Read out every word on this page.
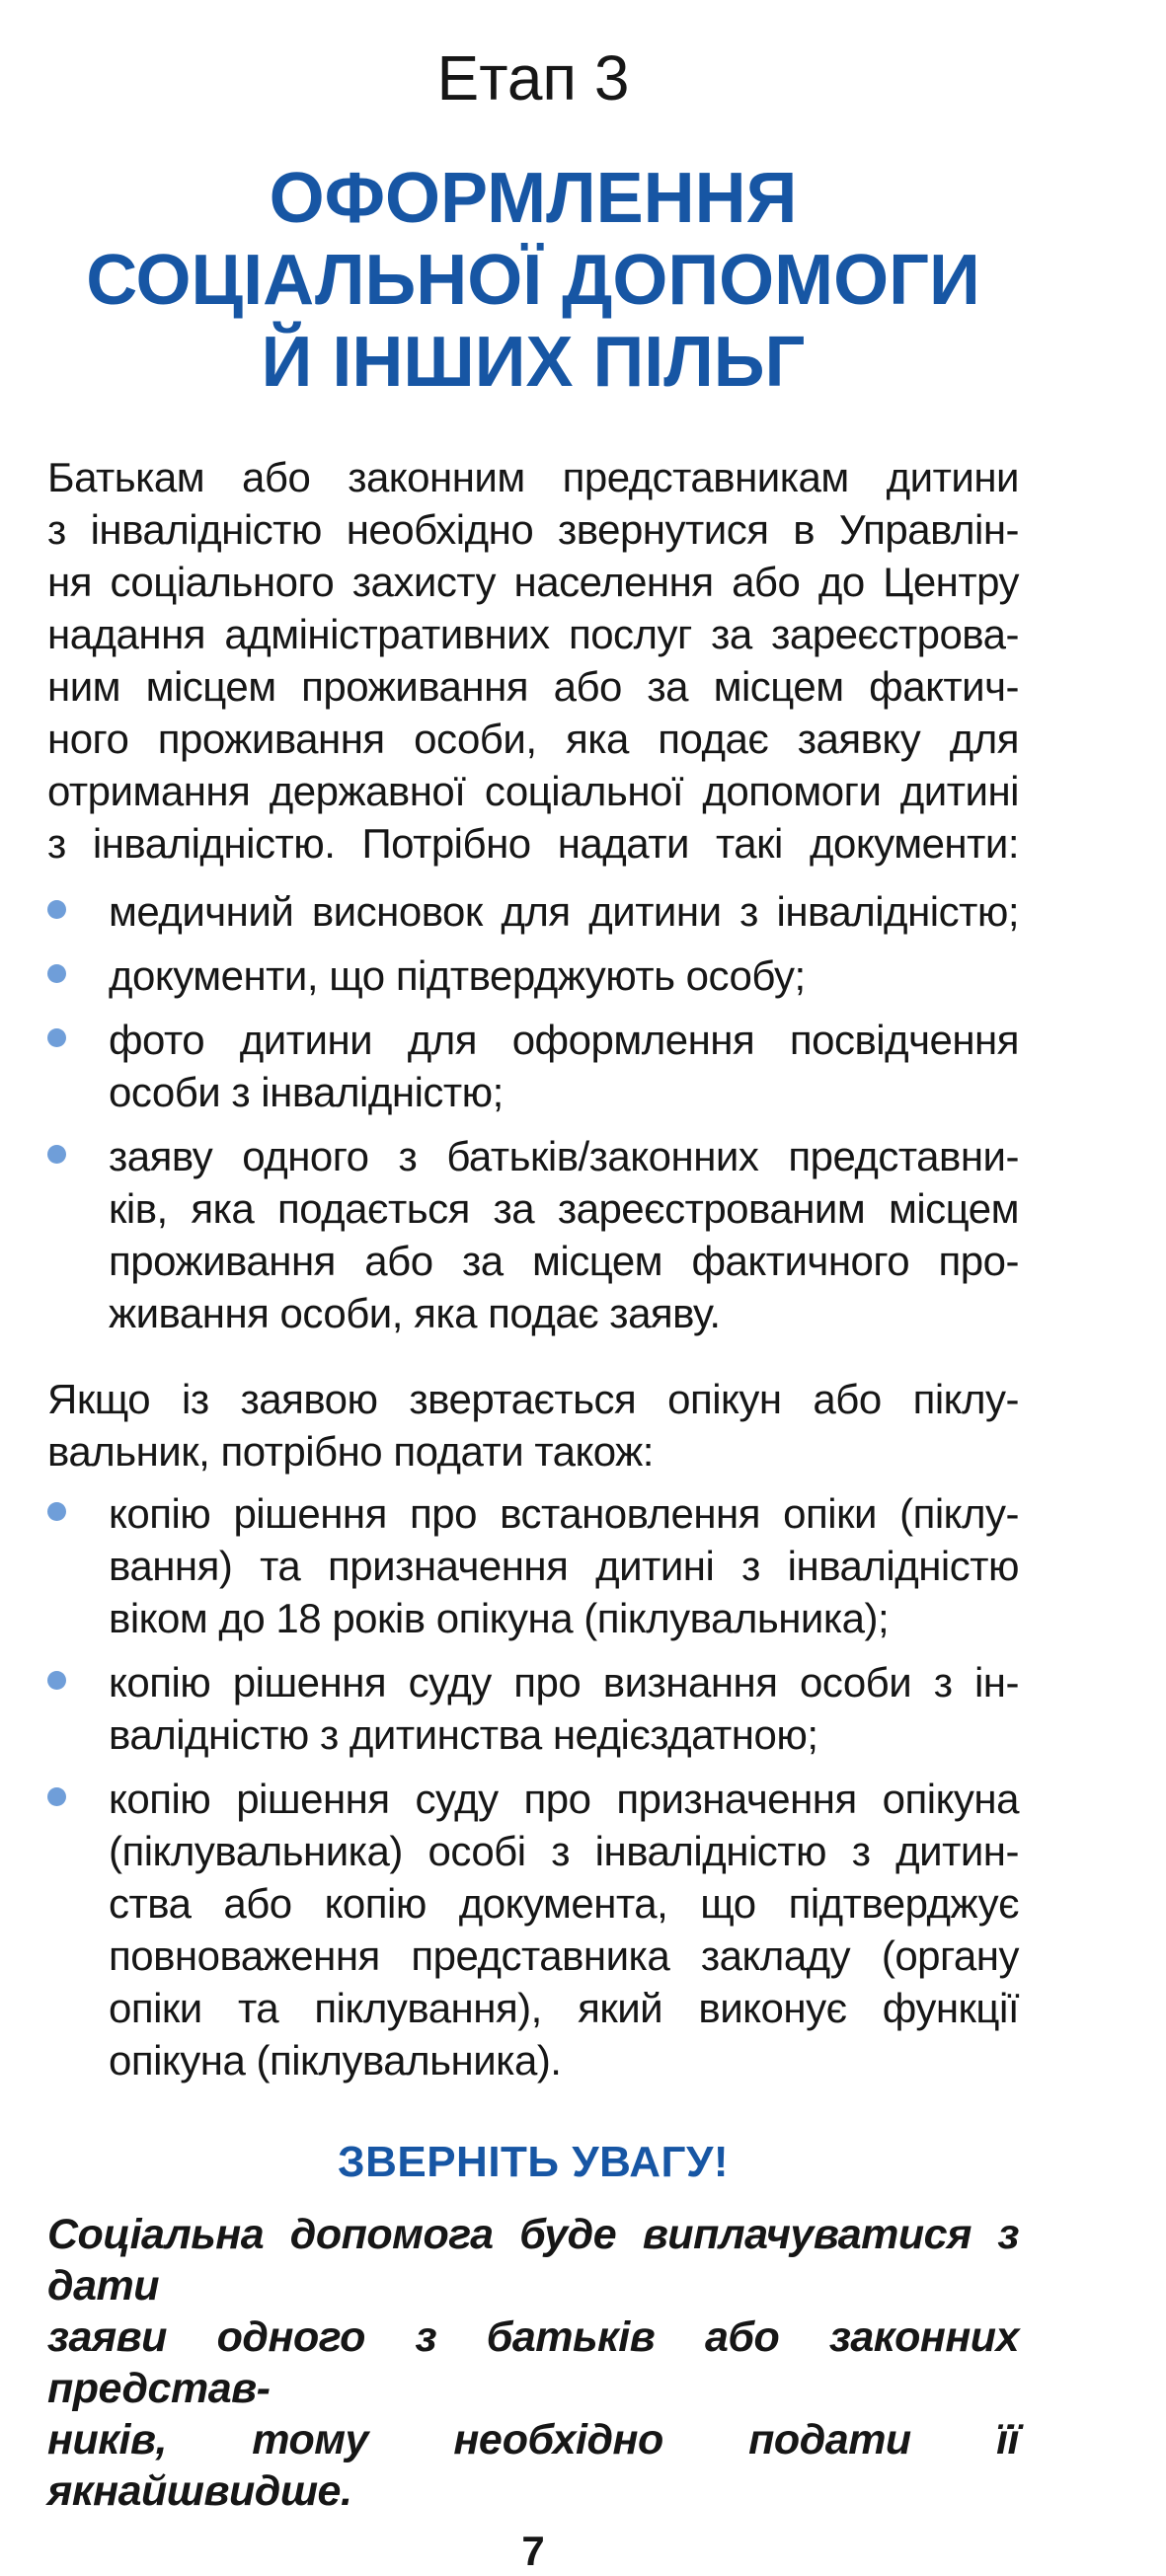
Етап 3
ОФОРМЛЕННЯ
СОЦІАЛЬНОЇ ДОПОМОГИ
Й ІНШИХ ПІЛЬГ

Батькам або законним представникам дитини
з інвалідністю необхідно звернутися в Управлін-
ня соціального захисту населення або до Центру
надання адміністративних послуг за зареєстрова-
ним місцем проживання або за місцем фактич-
ного проживання особи, яка подає заявку для
отримання державної соціальної допомоги дитині
з інвалідністю. Потрібно надати такі документи:

медичний висновок для дитини з інвалідністю;
документи, що підтверджують особу;
фото дитини для оформлення посвідчення
особи з інвалідністю;
заяву одного з батьків/законних представни-
ків, яка подається за зареєстрованим місцем
проживання або за місцем фактичного про-
живання особи, яка подає заяву.

Якщо із заявою звертається опікун або піклу-
вальник, потрібно подати також:

копію рішення про встановлення опіки (піклу-
вання) та призначення дитині з інвалідністю
віком до 18 років опікуна (піклувальника);
копію рішення суду про визнання особи з ін-
валідністю з дитинства недієздатною;
копію рішення суду про призначення опікуна
(піклувальника) особі з інвалідністю з дитин-
ства або копію документа, що підтверджує
повноваження представника закладу (органу
опіки та піклування), який виконує функції
опікуна (піклувальника).
ЗВЕРНІТЬ УВАГУ!

Соціальна допомога буде виплачуватися з дати
заяви одного з батьків або законних представ-
ників, тому необхідно подати її якнайшвидше.

7
